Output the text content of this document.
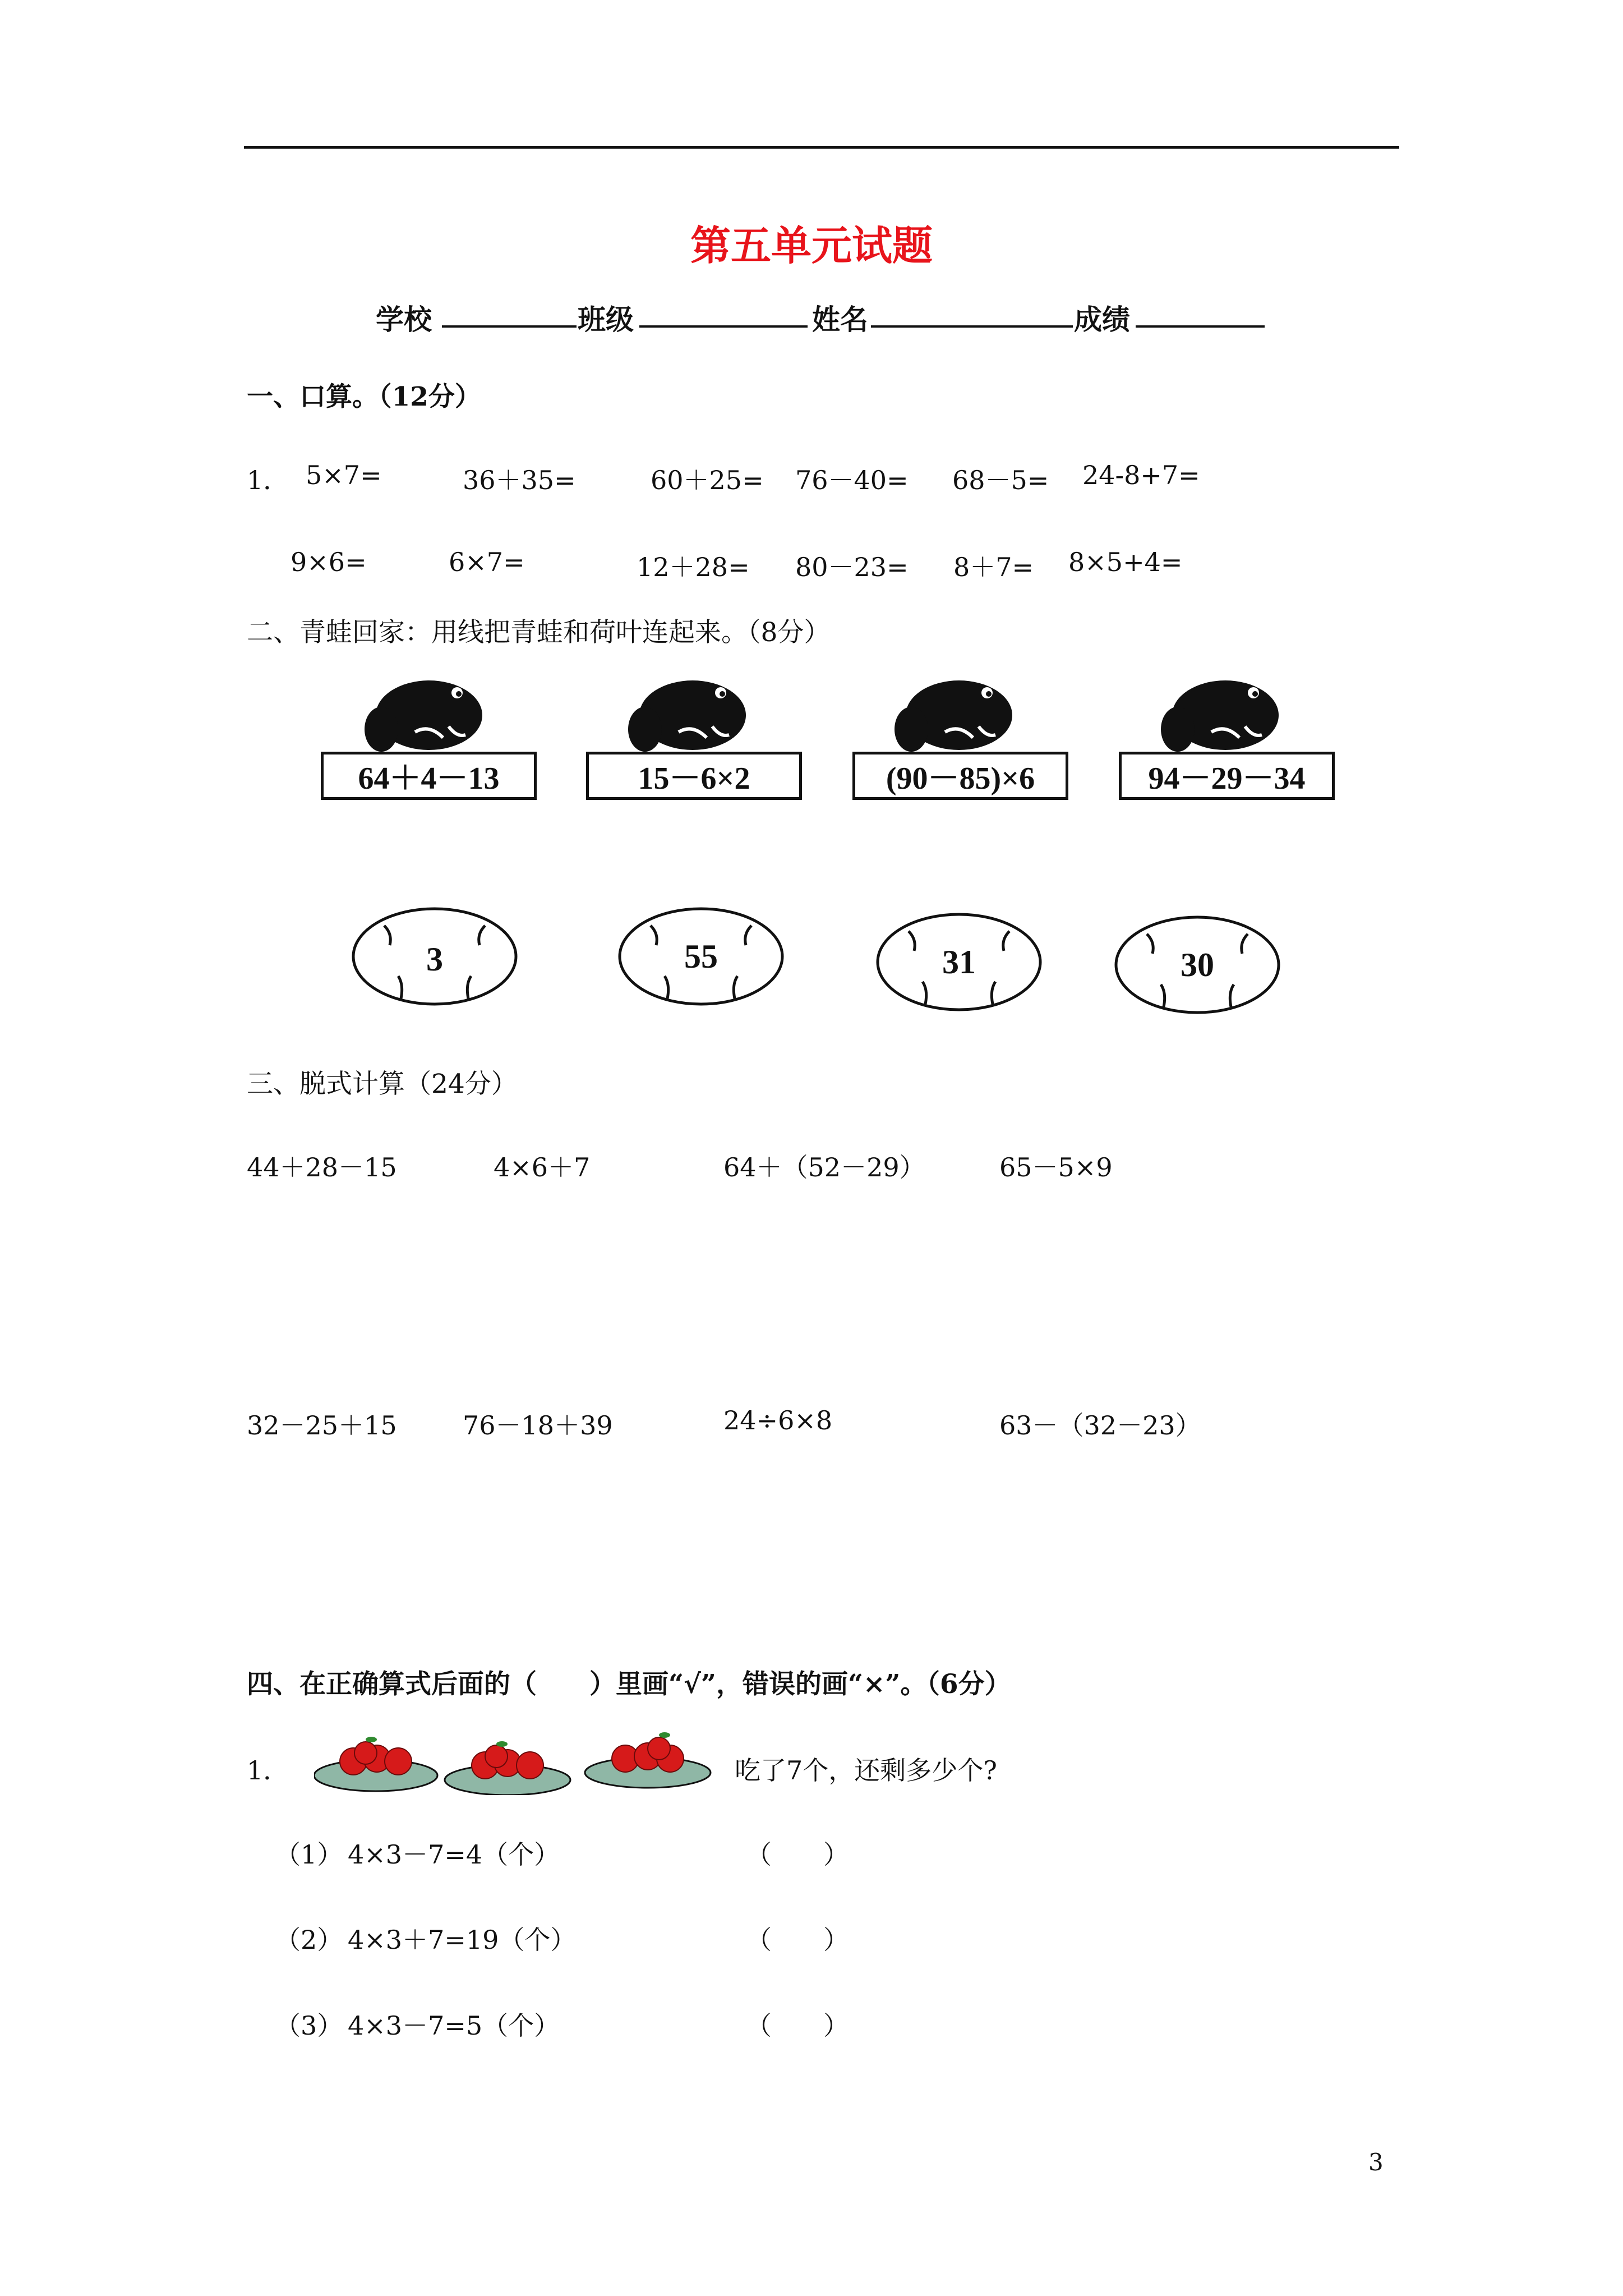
第五单元试题
学校	班级	姓名	成绩
一、口算。（12分）
1． 5×7=	36＋35=	60＋25= 76－40= 68－5= 24-8+7=
9×6=	6×7=	12＋28= 80－23= 8＋7= 8×5+4=
二、青蛙回家：用线把青蛙和荷叶连起来。（8分）
64＋4－13	15－6×2	(90－85)×6	94－29－34
3	55	31	30
三、脱式计算（24分）
44＋28－15	4×6＋7	64＋（52－29）	65－5×9
32－25＋15	76－18＋39	24÷6×8	63－（32－23）
四、在正确算式后面的（　　）里画“√”，错误的画“×”。（6分）
1．	吃了7个，还剩多少个?
（1） 4×3－7=4（个）	（　　）
（2） 4×3＋7=19（个）	（　　）
（3） 4×3－7=5（个）	（　　）
3
